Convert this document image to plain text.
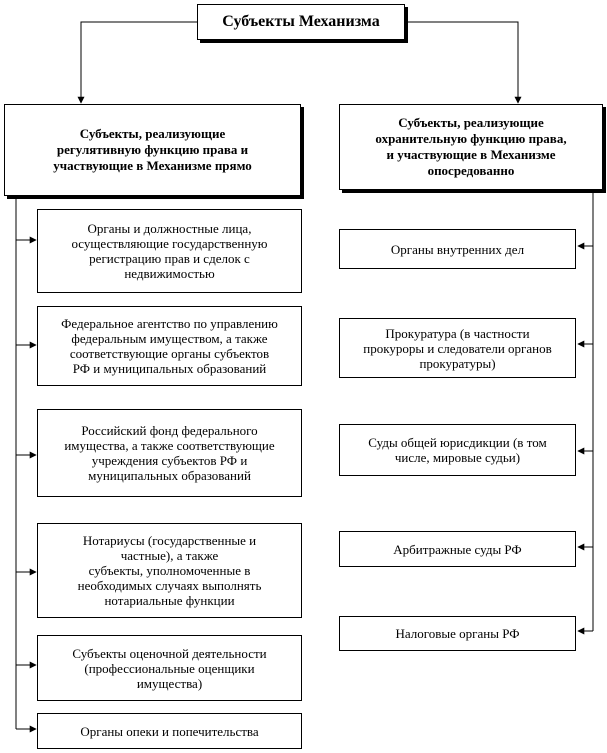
Субъекты Механизма
Субъекты, реализующие
регулятивную функцию права и
участвующие в Механизме прямо
Субъекты, реализующие
охранительную функцию права,
и участвующие в Механизме
опосредованно
Органы и должностные лица,
осуществляющие государственную
регистрацию прав и сделок с
недвижимостью
Федеральное агентство по управлению
федеральным имуществом, а также
соответствующие органы субъектов
РФ и муниципальных образований
Российский фонд федерального
имущества, а также соответствующие
учреждения субъектов РФ и
муниципальных образований
Нотариусы (государственные и
частные), а также
субъекты, уполномоченные в
необходимых случаях выполнять
нотариальные функции
Субъекты оценочной деятельности
(профессиональные оценщики
имущества)
Органы опеки и попечительства
Органы внутренних дел
Прокуратура (в частности
прокуроры и следователи органов
прокуратуры)
Суды общей юрисдикции (в том
числе, мировые судьи)
Арбитражные суды РФ
Налоговые органы РФ
